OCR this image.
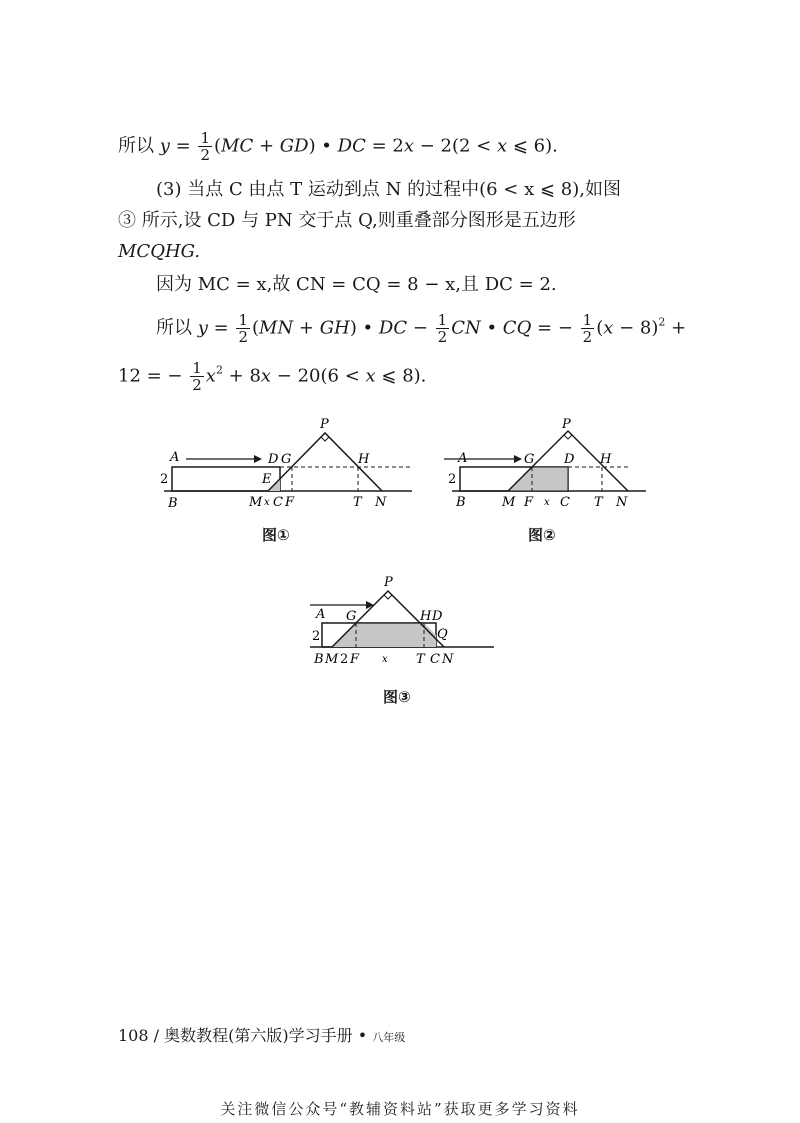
所以 $y = \frac{1}{2} (MC + GD)$ • DC = 2x − 2(2 < x ⩽ 6).
(3) 当点 C 由点 T 运动到点 N 的过程中(6 < x ⩽ 8),如图
③ 所示,设 CD 与 PN 交于点 Q,则重叠部分图形是五边形
MCQHG.
因为 MC = x,故 CN = CQ = 8 − x,且 DC = 2.
所以 $y = \frac{1}{2} (MN + GH)$ • DC − $\frac{1}{2}$ CN • CQ = − $\frac{1}{2} (x - 8)^2$ +
12 = − $\frac{1}{2} x^2 + 8x - 20(6 < x$ ⩽ 8).
A	D G
P
H
E
2
B	M x C F	T N
图①
A	G
P
D H
2
B	M F x C T N
图②
A G
P
H D
Q
2
B M 2 F x T C N
图③
108 / 奥数教程(第六版)学习手册 • 八年级
关注微信公众号“教辅资料站”获取更多学习资料
